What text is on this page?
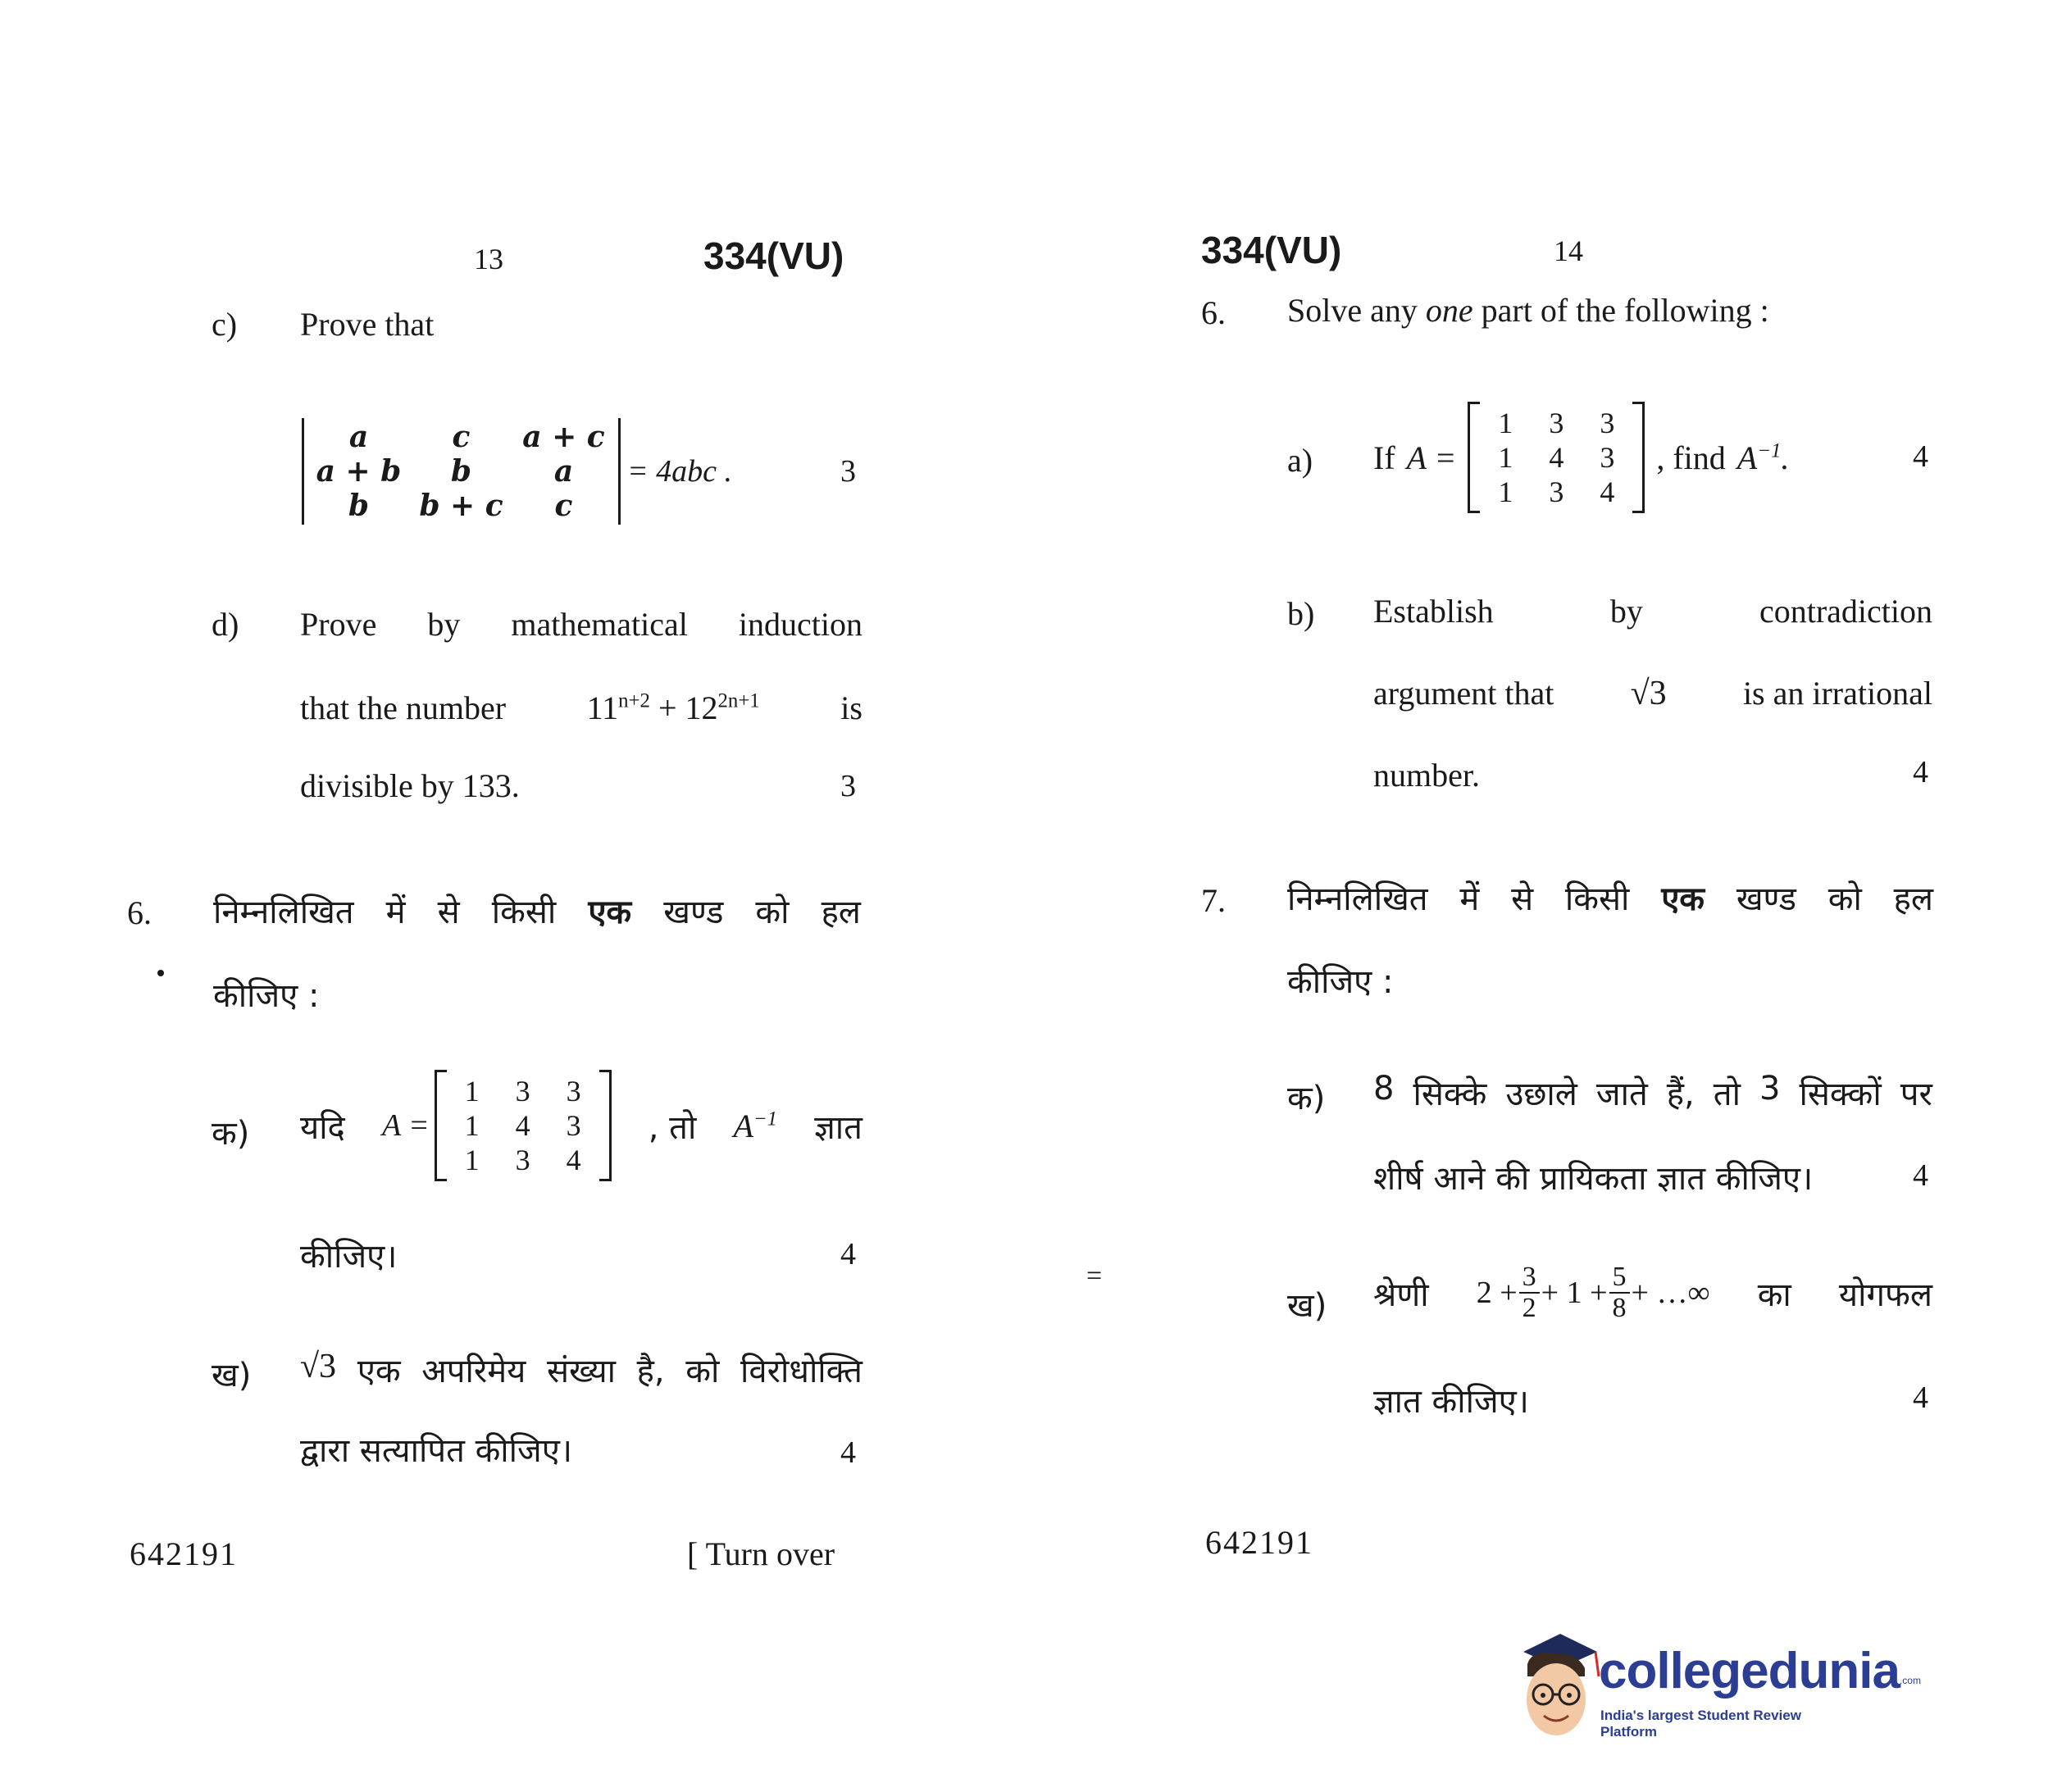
13	334(VU)
c) Prove that
a	c	a + c
a + b	b	a
b	b + c	c
= 4abc .	3
d) Prove by mathematical induction
that the number $11^{n+2} + 12^{2n+1}$ is
divisible by 133.	3
6. निम्नलिखित में से किसी एक खण्ड को हल
कीजिए :
क) यदि A =
1	3	3
1	4	3
1	3	4
, तो $A^{-1}$ ज्ञात
कीजिए।	4
ख) √3 एक अपरिमेय संख्या है, को विरोधोक्ति
द्वारा सत्यापित कीजिए।	4
642191	[ Turn over
=
334(VU)	14
6. Solve any one part of the following :
a) If A =
1	3	3
1	4	3
1	3	4
, find $A^{-1}$.	4
b) Establish	by	contradiction
argument that √3 is an irrational
number.	4
7. निम्नलिखित में से किसी एक खण्ड को हल
कीजिए :
क) 8 सिक्के उछाले जाते हैं, तो 3 सिक्कों पर
शीर्ष आने की प्रायिकता ज्ञात कीजिए।	4
ख) श्रेणी $2 + \frac{3}{2} + 1 + \frac{5}{8}$ + …∞ का योगफल
ज्ञात कीजिए।	4
642191
collegedunia .com
India's largest Student Review Platform
